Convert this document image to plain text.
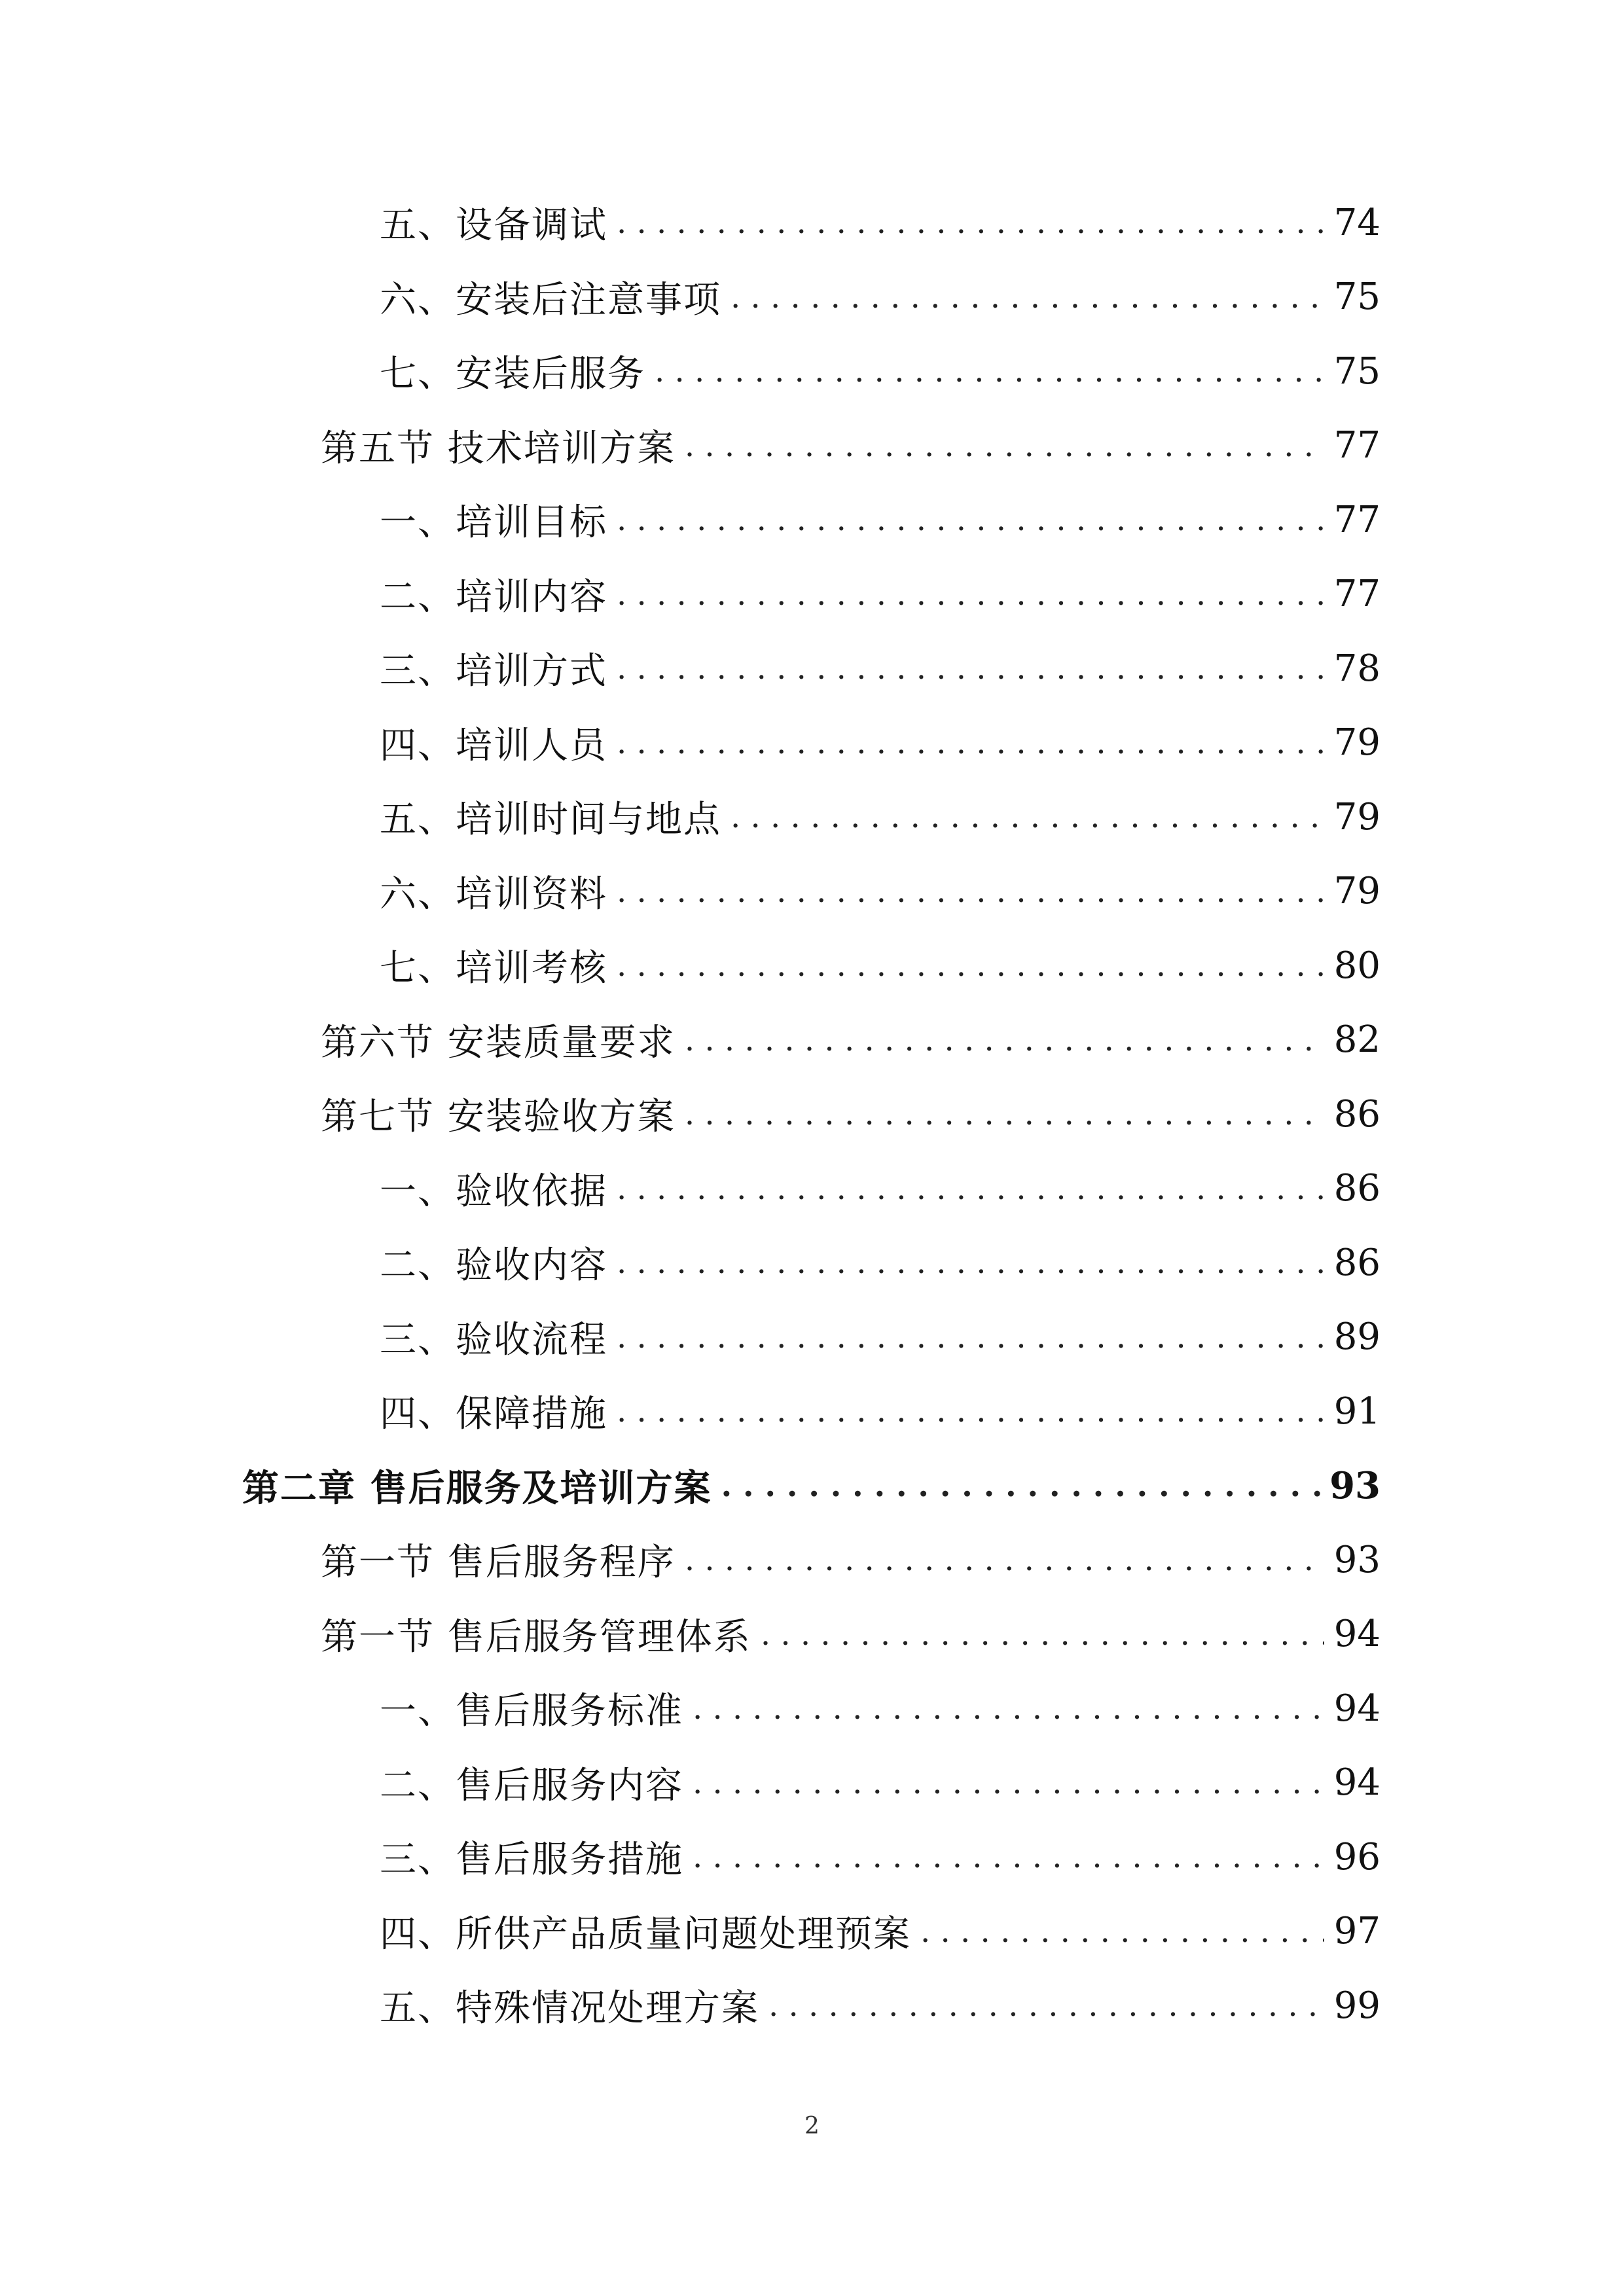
五、设备调试 . . .	74
六、安装后注意事项 . . .	75
七、安装后服务 . . .	75
第五节 技术培训方案 . . .	77
一、培训目标 . . .	77
二、培训内容 . . .	77
三、培训方式 . . .	78
四、培训人员 . . .	79
五、培训时间与地点 . . .	79
六、培训资料 . . .	79
七、培训考核 . . .	80
第六节 安装质量要求 . . .	82
第七节 安装验收方案 . . .	86
一、验收依据 . . .	86
二、验收内容 . . .	86
三、验收流程 . . .	89
四、保障措施 . . .	91
第二章 售后服务及培训方案 . . .	93
第一节 售后服务程序 . . .	93
第一节 售后服务管理体系 . . .	94
一、售后服务标准 . . .	94
二、售后服务内容 . . .	94
三、售后服务措施 . . .	96
四、所供产品质量问题处理预案 . . .	97
五、特殊情况处理方案 . . .	99
2
